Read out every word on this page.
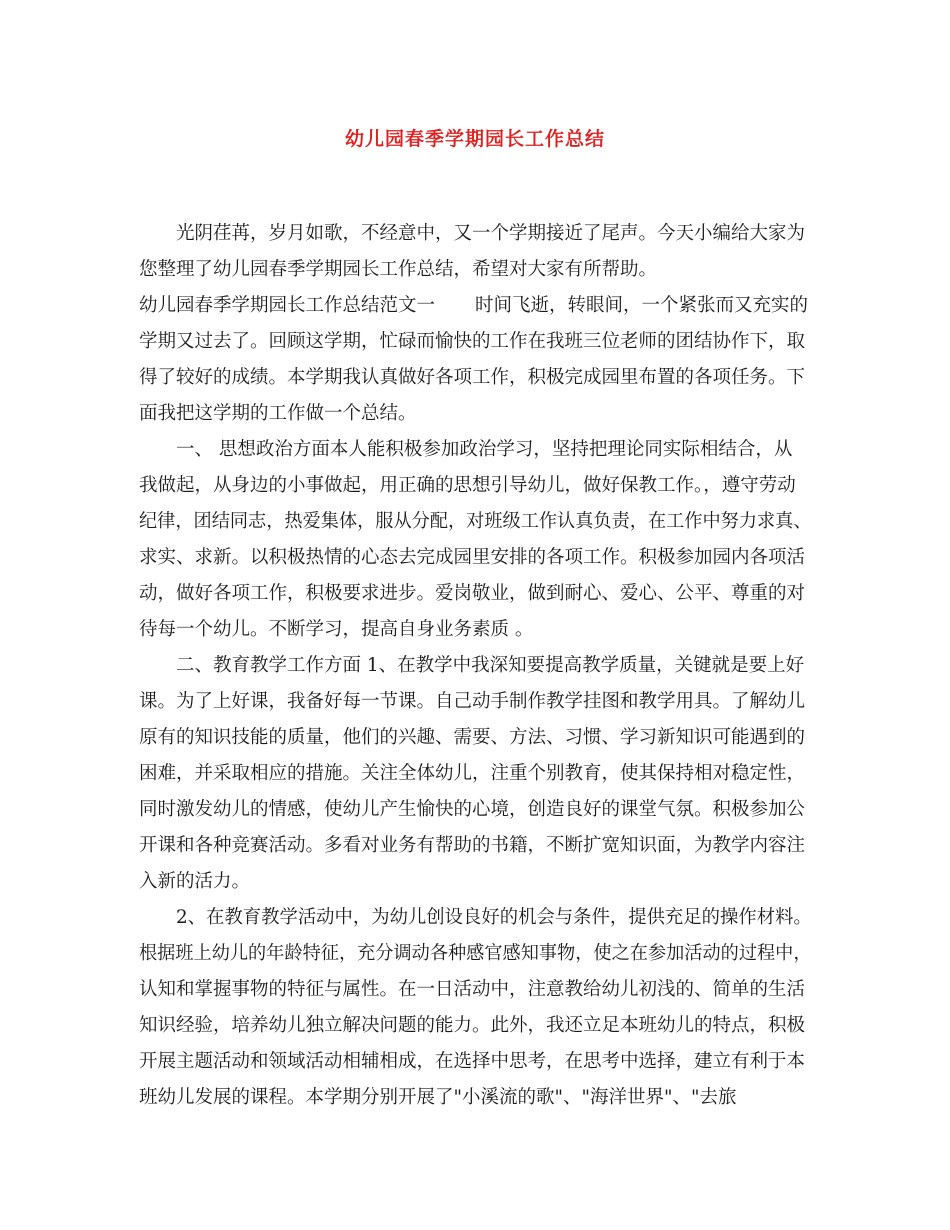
幼儿园春季学期园长工作总结
光阴荏苒，岁月如歌，不经意中，又一个学期接近了尾声。今天小编给大家为
您整理了幼儿园春季学期园长工作总结，希望对大家有所帮助。
幼儿园春季学期园长工作总结范文一 时间飞逝，转眼间，一个紧张而又充实的
学期又过去了。回顾这学期，忙碌而愉快的工作在我班三位老师的团结协作下，取
得了较好的成绩。本学期我认真做好各项工作，积极完成园里布置的各项任务。下
面我把这学期的工作做一个总结。
一、 思想政治方面本人能积极参加政治学习，坚持把理论同实际相结合，从
我做起，从身边的小事做起，用正确的思想引导幼儿，做好保教工作。，遵守劳动
纪律，团结同志，热爱集体，服从分配，对班级工作认真负责，在工作中努力求真、
求实、求新。以积极热情的心态去完成园里安排的各项工作。积极参加园内各项活
动，做好各项工作，积极要求进步。爱岗敬业，做到耐心、爱心、公平、尊重的对
待每一个幼儿。不断学习，提高自身业务素质 。
二、教育教学工作方面 1、在教学中我深知要提高教学质量，关键就是要上好
课。为了上好课，我备好每一节课。自己动手制作教学挂图和教学用具。了解幼儿
原有的知识技能的质量，他们的兴趣、需要、方法、习惯、学习新知识可能遇到的
困难，并采取相应的措施。关注全体幼儿，注重个别教育，使其保持相对稳定性，
同时激发幼儿的情感，使幼儿产生愉快的心境，创造良好的课堂气氛。积极参加公
开课和各种竞赛活动。多看对业务有帮助的书籍，不断扩宽知识面，为教学内容注
入新的活力。
2、在教育教学活动中，为幼儿创设良好的机会与条件，提供充足的操作材料。
根据班上幼儿的年龄特征，充分调动各种感官感知事物，使之在参加活动的过程中，
认知和掌握事物的特征与属性。在一日活动中，注意教给幼儿初浅的、简单的生活
知识经验，培养幼儿独立解决问题的能力。此外，我还立足本班幼儿的特点，积极
开展主题活动和领域活动相辅相成，在选择中思考，在思考中选择，建立有利于本
班幼儿发展的课程。本学期分别开展了"小溪流的歌"、"海洋世界"、"去旅
